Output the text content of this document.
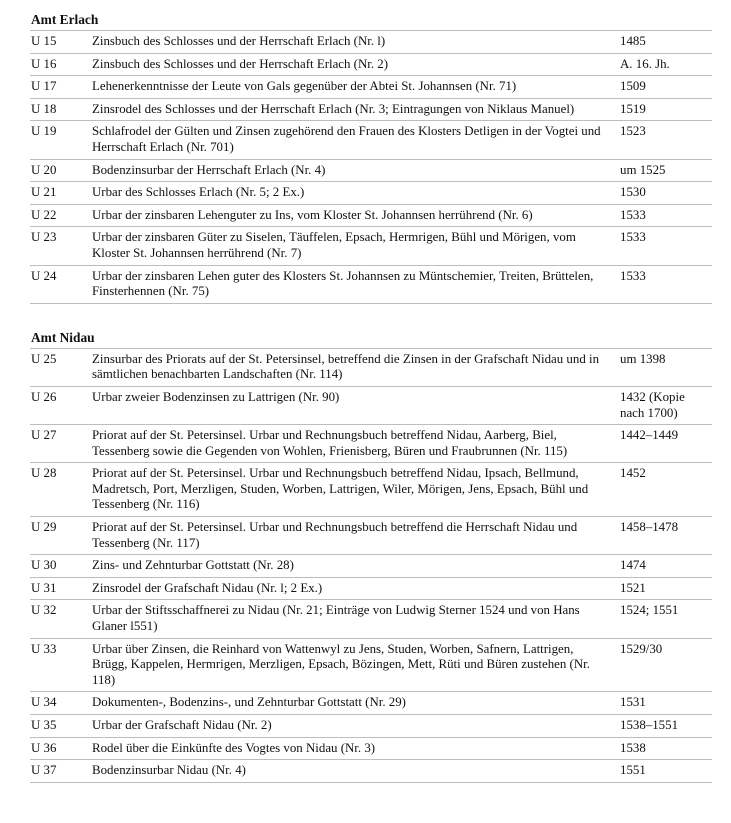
Amt Erlach
U 15	Zinsbuch des Schlosses und der Herrschaft Erlach (Nr. l)	1485
U 16	Zinsbuch des Schlosses und der Herrschaft Erlach (Nr. 2)	A. 16. Jh.
U 17	Lehenerkenntnisse der Leute von Gals gegenüber der Abtei St. Johannsen (Nr. 71)	1509
U 18	Zinsrodel des Schlosses und der Herrschaft Erlach (Nr. 3; Eintragungen von Niklaus Manuel)	1519
U 19	Schlafrodel der Gülten und Zinsen zugehörend den Frauen des Klosters Detligen in der Vogtei und Herrschaft Erlach (Nr. 701)	1523
U 20	Bodenzinsurbar der Herrschaft Erlach (Nr. 4)	um 1525
U 21	Urbar des Schlosses Erlach (Nr. 5; 2 Ex.)	1530
U 22	Urbar der zinsbaren Lehenguter zu Ins, vom Kloster St. Johannsen herrührend (Nr. 6)	1533
U 23	Urbar der zinsbaren Güter zu Siselen, Täuffelen, Epsach, Hermrigen, Bühl und Mörigen, vom Kloster St. Johannsen herrührend (Nr. 7)	1533
U 24	Urbar der zinsbaren Lehen guter des Klosters St. Johannsen zu Müntschemier, Treiten, Brüttelen, Finsterhennen (Nr. 75)	1533
Amt Nidau
U 25	Zinsurbar des Priorats auf der St. Petersinsel, betreffend die Zinsen in der Grafschaft Nidau und in sämtlichen benachbarten Landschaften (Nr. 114)	um 1398
U 26	Urbar zweier Bodenzinsen zu Lattrigen (Nr. 90)	1432 (Kopie nach 1700)
U 27	Priorat auf der St. Petersinsel. Urbar und Rechnungsbuch betreffend Nidau, Aarberg, Biel, Tessenberg sowie die Gegenden von Wohlen, Frienisberg, Büren und Fraubrunnen (Nr. 115)	1442–1449
U 28	Priorat auf der St. Petersinsel. Urbar und Rechnungsbuch betreffend Nidau, Ipsach, Bellmund, Madretsch, Port, Merzligen, Studen, Worben, Lattrigen, Wiler, Mörigen, Jens, Epsach, Bühl und Tessenberg (Nr. 116)	1452
U 29	Priorat auf der St. Petersinsel. Urbar und Rechnungsbuch betreffend die Herrschaft Nidau und Tessenberg (Nr. 117)	1458–1478
U 30	Zins- und Zehnturbar Gottstatt (Nr. 28)	1474
U 31	Zinsrodel der Grafschaft Nidau (Nr. l; 2 Ex.)	1521
U 32	Urbar der Stiftsschaffnerei zu Nidau (Nr. 21; Einträge von Ludwig Sterner 1524 und von Hans Glaner l551)	1524; 1551
U 33	Urbar über Zinsen, die Reinhard von Wattenwyl zu Jens, Studen, Worben, Safnern, Lattrigen, Brügg, Kappelen, Hermrigen, Merzligen, Epsach, Bözingen, Mett, Rüti und Büren zustehen (Nr. 118)	1529/30
U 34	Dokumenten-, Bodenzins-, und Zehnturbar Gottstatt (Nr. 29)	1531
U 35	Urbar der Grafschaft Nidau (Nr. 2)	1538–1551
U 36	Rodel über die Einkünfte des Vogtes von Nidau (Nr. 3)	1538
U 37	Bodenzinsurbar Nidau (Nr. 4)	1551
